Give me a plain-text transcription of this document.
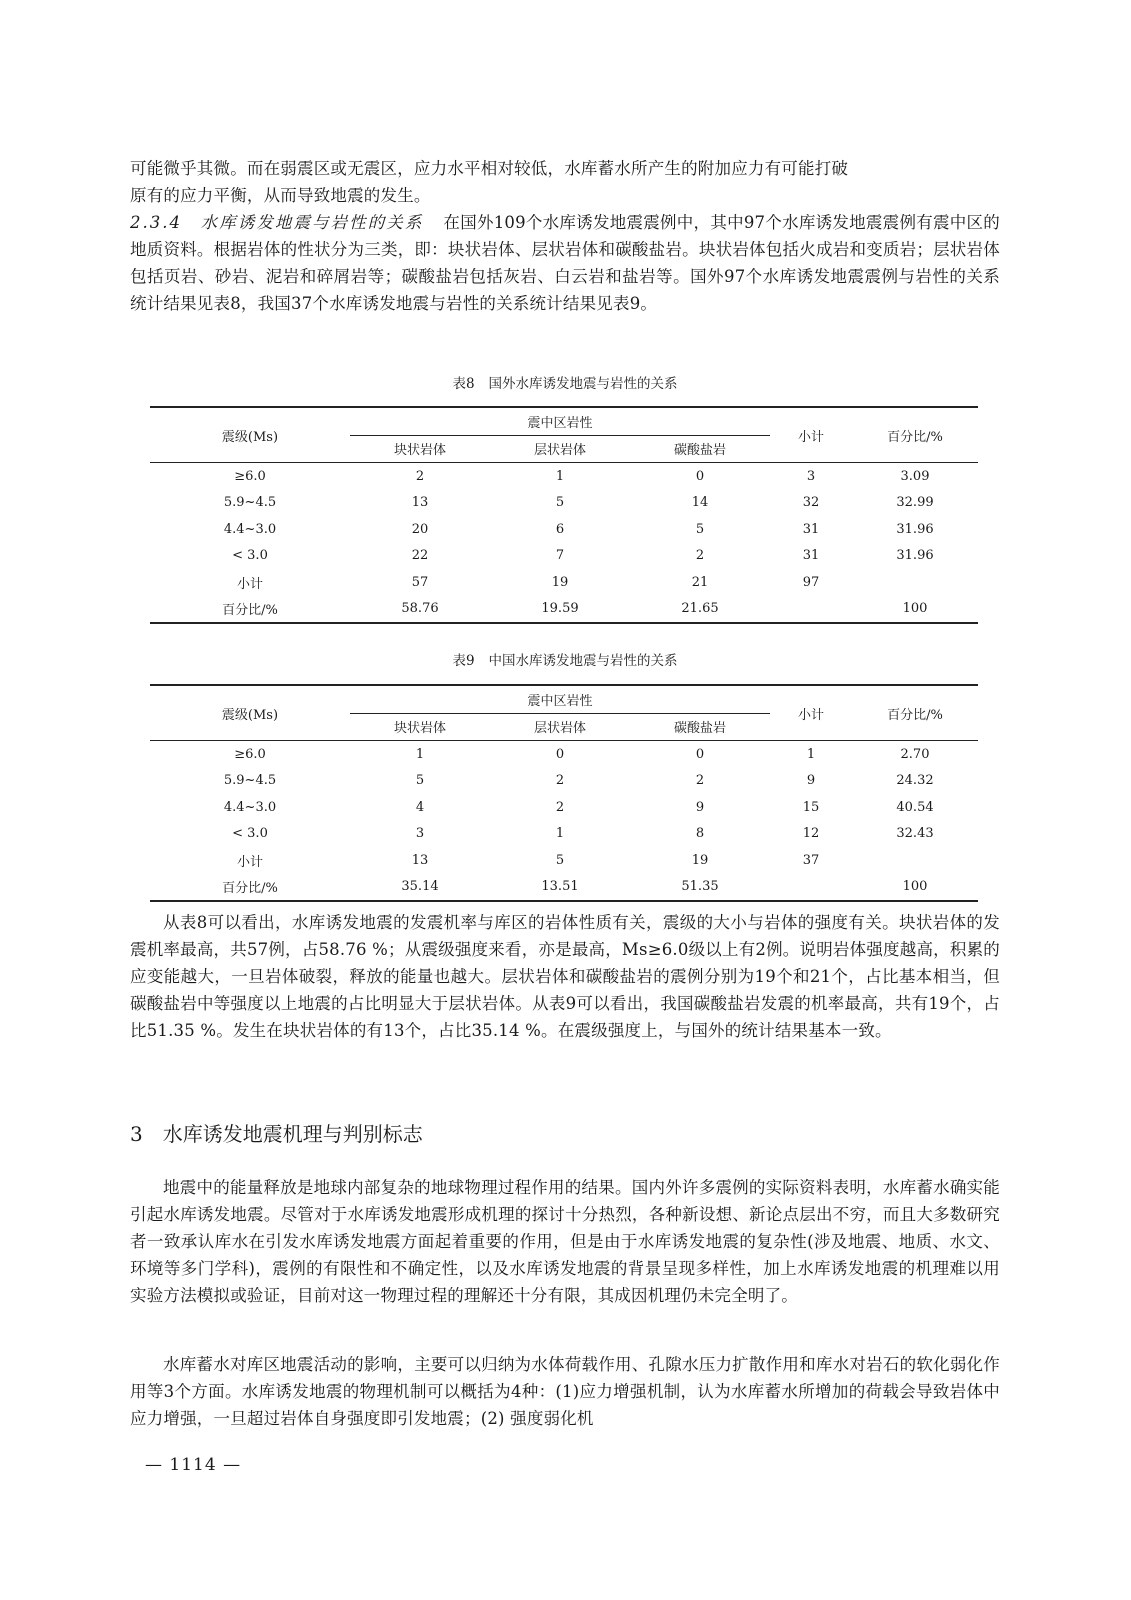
可能微乎其微。而在弱震区或无震区，应力水平相对较低，水库蓄水所产生的附加应力有可能打破

原有的应力平衡，从而导致地震的发生。

2.3.4　水库诱发地震与岩性的关系 在国外109个水库诱发地震震例中，其中97个水库诱发地震震例有震中区的地质资料。根据岩体的性状分为三类，即：块状岩体、层状岩体和碳酸盐岩。块状岩体包括火成岩和变质岩；层状岩体包括页岩、砂岩、泥岩和碎屑岩等；碳酸盐岩包括灰岩、白云岩和盐岩等。国外97个水库诱发地震震例与岩性的关系统计结果见表8，我国37个水库诱发地震与岩性的关系统计结果见表9。

表8 国外水库诱发地震与岩性的关系
震级(Ms)	震中区岩性			小计	百分比/%
	块状岩体	层状岩体	碳酸盐岩		
≥6.0	2	1	0	3	3.09
5.9~4.5	13	5	14	32	32.99
4.4~3.0	20	6	5	31	31.96
< 3.0	22	7	2	31	31.96
小计	57	19	21	97	
百分比/%	58.76	19.59	21.65		100
表9 中国水库诱发地震与岩性的关系
震级(Ms)	震中区岩性			小计	百分比/%
	块状岩体	层状岩体	碳酸盐岩		
≥6.0	1	0	0	1	2.70
5.9~4.5	5	2	2	9	24.32
4.4~3.0	4	2	9	15	40.54
< 3.0	3	1	8	12	32.43
小计	13	5	19	37	
百分比/%	35.14	13.51	51.35		100

从表8可以看出，水库诱发地震的发震机率与库区的岩体性质有关，震级的大小与岩体的强度有关。块状岩体的发震机率最高，共57例，占58.76 %；从震级强度来看，亦是最高，Ms≥6.0级以上有2例。说明岩体强度越高，积累的应变能越大，一旦岩体破裂，释放的能量也越大。层状岩体和碳酸盐岩的震例分别为19个和21个，占比基本相当，但碳酸盐岩中等强度以上地震的占比明显大于层状岩体。从表9可以看出，我国碳酸盐岩发震的机率最高，共有19个，占比51.35 %。发生在块状岩体的有13个，占比35.14 %。在震级强度上，与国外的统计结果基本一致。

3 水库诱发地震机理与判别标志

地震中的能量释放是地球内部复杂的地球物理过程作用的结果。国内外许多震例的实际资料表明，水库蓄水确实能引起水库诱发地震。尽管对于水库诱发地震形成机理的探讨十分热烈，各种新设想、新论点层出不穷，而且大多数研究者一致承认库水在引发水库诱发地震方面起着重要的作用，但是由于水库诱发地震的复杂性(涉及地震、地质、水文、环境等多门学科)，震例的有限性和不确定性，以及水库诱发地震的背景呈现多样性，加上水库诱发地震的机理难以用实验方法模拟或验证，目前对这一物理过程的理解还十分有限，其成因机理仍未完全明了。

水库蓄水对库区地震活动的影响，主要可以归纳为水体荷载作用、孔隙水压力扩散作用和库水对岩石的软化弱化作用等3个方面。水库诱发地震的物理机制可以概括为4种：(1)应力增强机制，认为水库蓄水所增加的荷载会导致岩体中应力增强，一旦超过岩体自身强度即引发地震；(2) 强度弱化机

— 1114 —
